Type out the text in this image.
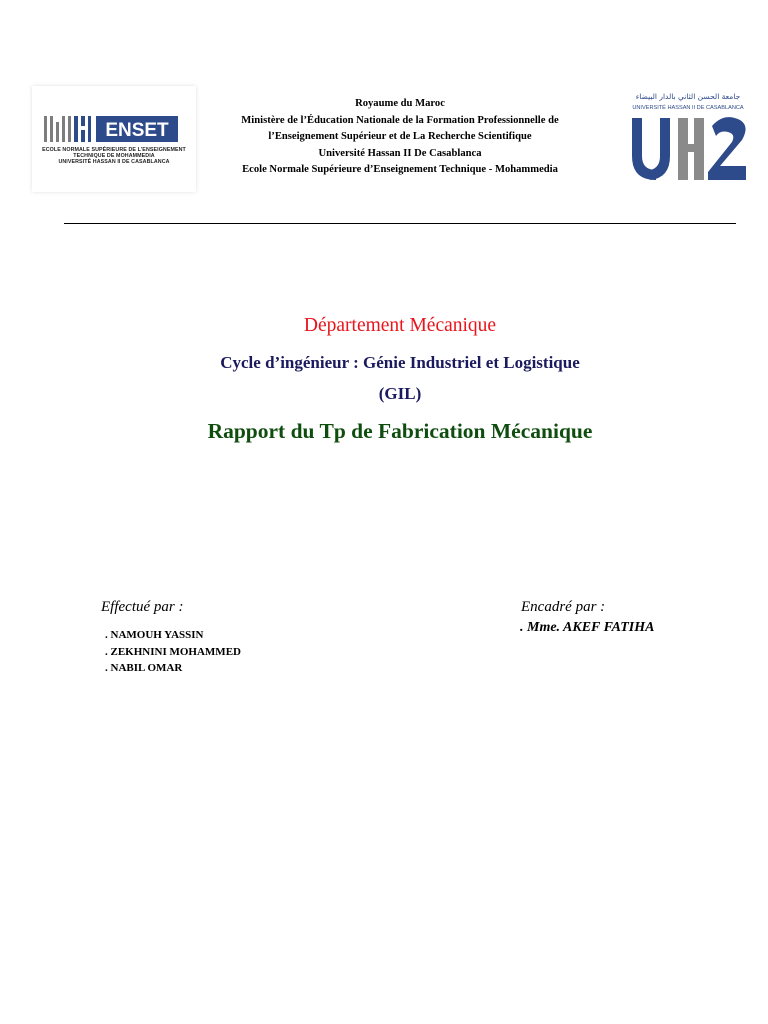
ENSET
ECOLE NORMALE SUPÉRIEURE DE L'ENSEIGNEMENT
TECHNIQUE DE MOHAMMEDIA
UNIVERSITÉ HASSAN II DE CASABLANCA
Royaume du Maroc
Ministère de l’Éducation Nationale de la Formation Professionnelle de
l’Enseignement Supérieur et de La Recherche Scientifique
Université Hassan II De Casablanca
Ecole Normale Supérieure d’Enseignement Technique - Mohammedia
جامعة الحسن الثاني بالدار البيضاء
UNIVERSITÉ HASSAN II DE CASABLANCA
Département Mécanique
Cycle d’ingénieur : Génie Industriel et Logistique
(GIL)
Rapport du Tp de Fabrication Mécanique
Effectué par :
. NAMOUH YASSIN
. ZEKHNINI MOHAMMED
. NABIL OMAR
Encadré par :
. Mme. AKEF FATIHA
